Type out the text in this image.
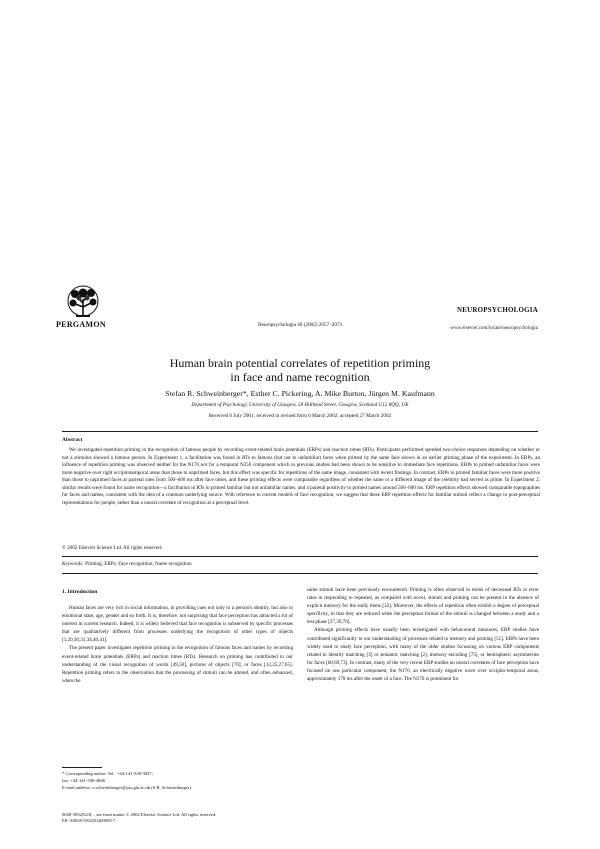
PERGAMON	Neuropsychologia 40 (2002) 2057–2073
NEUROPSYCHOLOGIA
www.elsevier.com/locate/neuropsychologia
Human brain potential correlates of repetition priming
in face and name recognition
Stefan R. Schweinberger*, Esther C. Pickering, A. Mike Burton, Jürgen M. Kaufmann
Department of Psychology, University of Glasgow, 58 Hillhead Street, Glasgow, Scotland G12 8QQ, UK
Received 6 July 2001; received in revised form 6 March 2002; accepted 27 March 2002
Abstract
We investigated repetition priming in the recognition of famous people by recording event-related brain potentials (ERPs) and reaction times (RTs). Participants performed speeded two-choice responses depending on whether or not a stimulus showed a famous person. In Experiment 1, a facilitation was found in RTs to famous (but not to unfamiliar) faces when primed by the same face shown in an earlier priming phase of the experiment. In ERPs, an influence of repetition priming was observed neither for the N170 nor for a temporal N250 component which in previous studies had been shown to be sensitive to immediate face repetitions. ERPs to primed unfamiliar faces were more negative over right occipitotemporal areas than those to unprimed faces, but this effect was specific for repetitions of the same image, consistent with recent findings. In contrast, ERPs to primed familiar faces were more positive than those to unprimed faces at parietal sites from 500–600 ms after face onset, and these priming effects were comparable regardless of whether the same or a different image of the celebrity had served as prime. In Experiment 2, similar results were found for name recognition—a facilitation in RTs to primed familiar but not unfamiliar names, and a parietal positivity to primed names around 500–600 ms. ERP repetition effects showed comparable topographies for faces and names, consistent with the idea of a common underlying source. With reference to current models of face recognition, we suggest that these ERP repetition effects for familiar stimuli reflect a change in post-perceptual representations for people, rather than a neural correlate of recognition at a perceptual level.
© 2002 Elsevier Science Ltd. All rights reserved.
Keywords: Priming; ERPs; Face recognition; Name recognition
1. Introduction

Human faces are very rich in social information, in providing cues not only to a person's identity, but also to emotional state, age, gender and so forth. It is, therefore, not surprising that face perception has attracted a lot of interest in current research. Indeed, it is widely believed that face recognition is subserved by specific processes that are qualitatively different from processes underlying the recognition of other types of objects [1,20,30,31,34,40,41].

The present paper investigates repetition priming in the recognition of famous faces and names by recording event-related brain potentials (ERPs) and reaction times (RTs). Research on priming has contributed to our understanding of the visual recognition of words [49,50], pictures of objects [70], or faces [12,25,27,65]. Repetition priming refers to the observation that the processing of stimuli can be altered, and often enhanced, when the

same stimuli have been previously encountered. Priming is often observed in terms of decreased RTs or error rates in responding to repeated, as compared with novel, stimuli and priming can be present in the absence of explicit memory for the study items [32]. Moreover, the effects of repetition often exhibit a degree of perceptual specificity, in that they are reduced when the perceptual format of the stimuli is changed between a study and a test phase [27,39,76].

Although priming effects have usually been investigated with behavioural measures, ERP studies have contributed significantly to our understanding of processes related to memory and priming [51]. ERPs have been widely used to study face perception, with many of the older studies focussing on various ERP components related to identity matching [3] or semantic matching [2], memory encoding [75], or hemispheric asymmetries for faces [68,69,73]. In contrast, many of the very recent ERP studies on neural correlates of face perception have focused on one particular component, the N170, an electrically negative wave over occipito-temporal areas, approximately 170 ms after the onset of a face. The N170 is prominent for

* Corresponding author. Tel.: +44-141-330-3947;
fax: +44-141-330-4606.
E-mail address: s.schweinberger@psy.gla.ac.uk (S.R. Schweinberger).
0028-3932/02/$ – see front matter © 2002 Elsevier Science Ltd. All rights reserved.
PII: S0028-3932(02)00050-7
